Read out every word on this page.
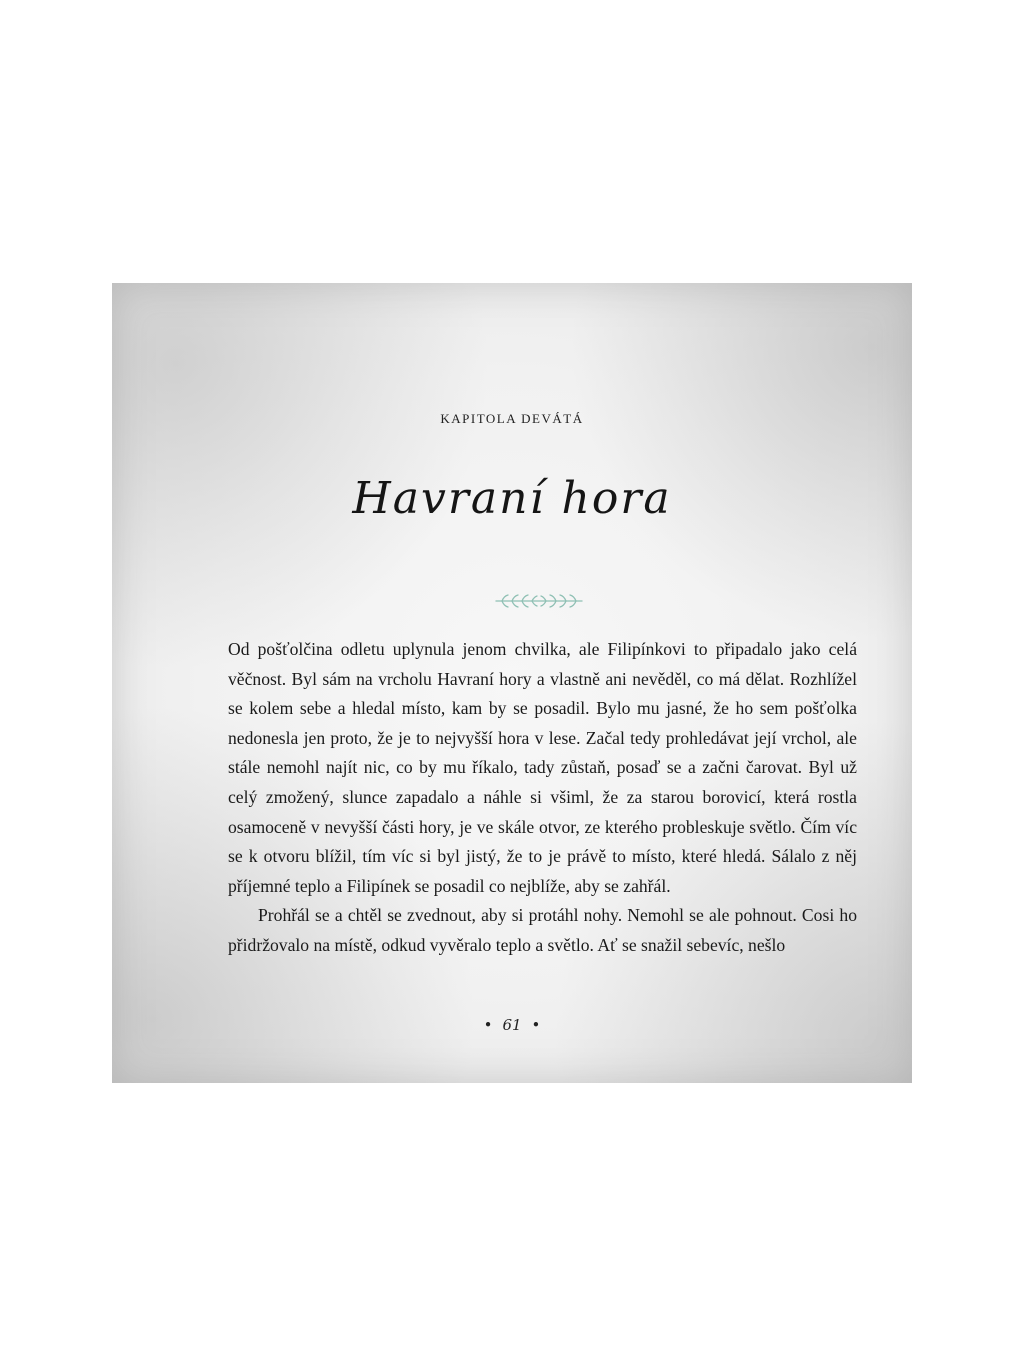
KAPITOLA DEVÁTÁ
Havraní hora

Od pošťolčina odletu uplynula jenom chvilka, ale Filipínkovi to připadalo jako celá věčnost. Byl sám na vrcholu Havraní hory a vlastně ani nevěděl, co má dělat. Rozhlížel se kolem sebe a hledal místo, kam by se posadil. Bylo mu jasné, že ho sem pošťolka nedonesla jen proto, že je to nejvyšší hora v lese. Začal tedy prohledávat její vrchol, ale stále nemohl najít nic, co by mu říkalo, tady zůstaň, posaď se a začni čarovat. Byl už celý zmožený, slunce zapadalo a náhle si všiml, že za starou borovicí, která rostla osamoceně v nevyšší části hory, je ve skále otvor, ze kterého probleskuje světlo. Čím víc se k otvoru blížil, tím víc si byl jistý, že to je právě to místo, které hledá. Sálalo z něj příjemné teplo a Filipínek se posadil co nejblíže, aby se zahřál.

Prohřál se a chtěl se zvednout, aby si protáhl nohy. Nemohl se ale pohnout. Cosi ho přidržovalo na místě, odkud vyvěralo teplo a světlo. Ať se snažil sebevíc, nešlo

• 61 •
